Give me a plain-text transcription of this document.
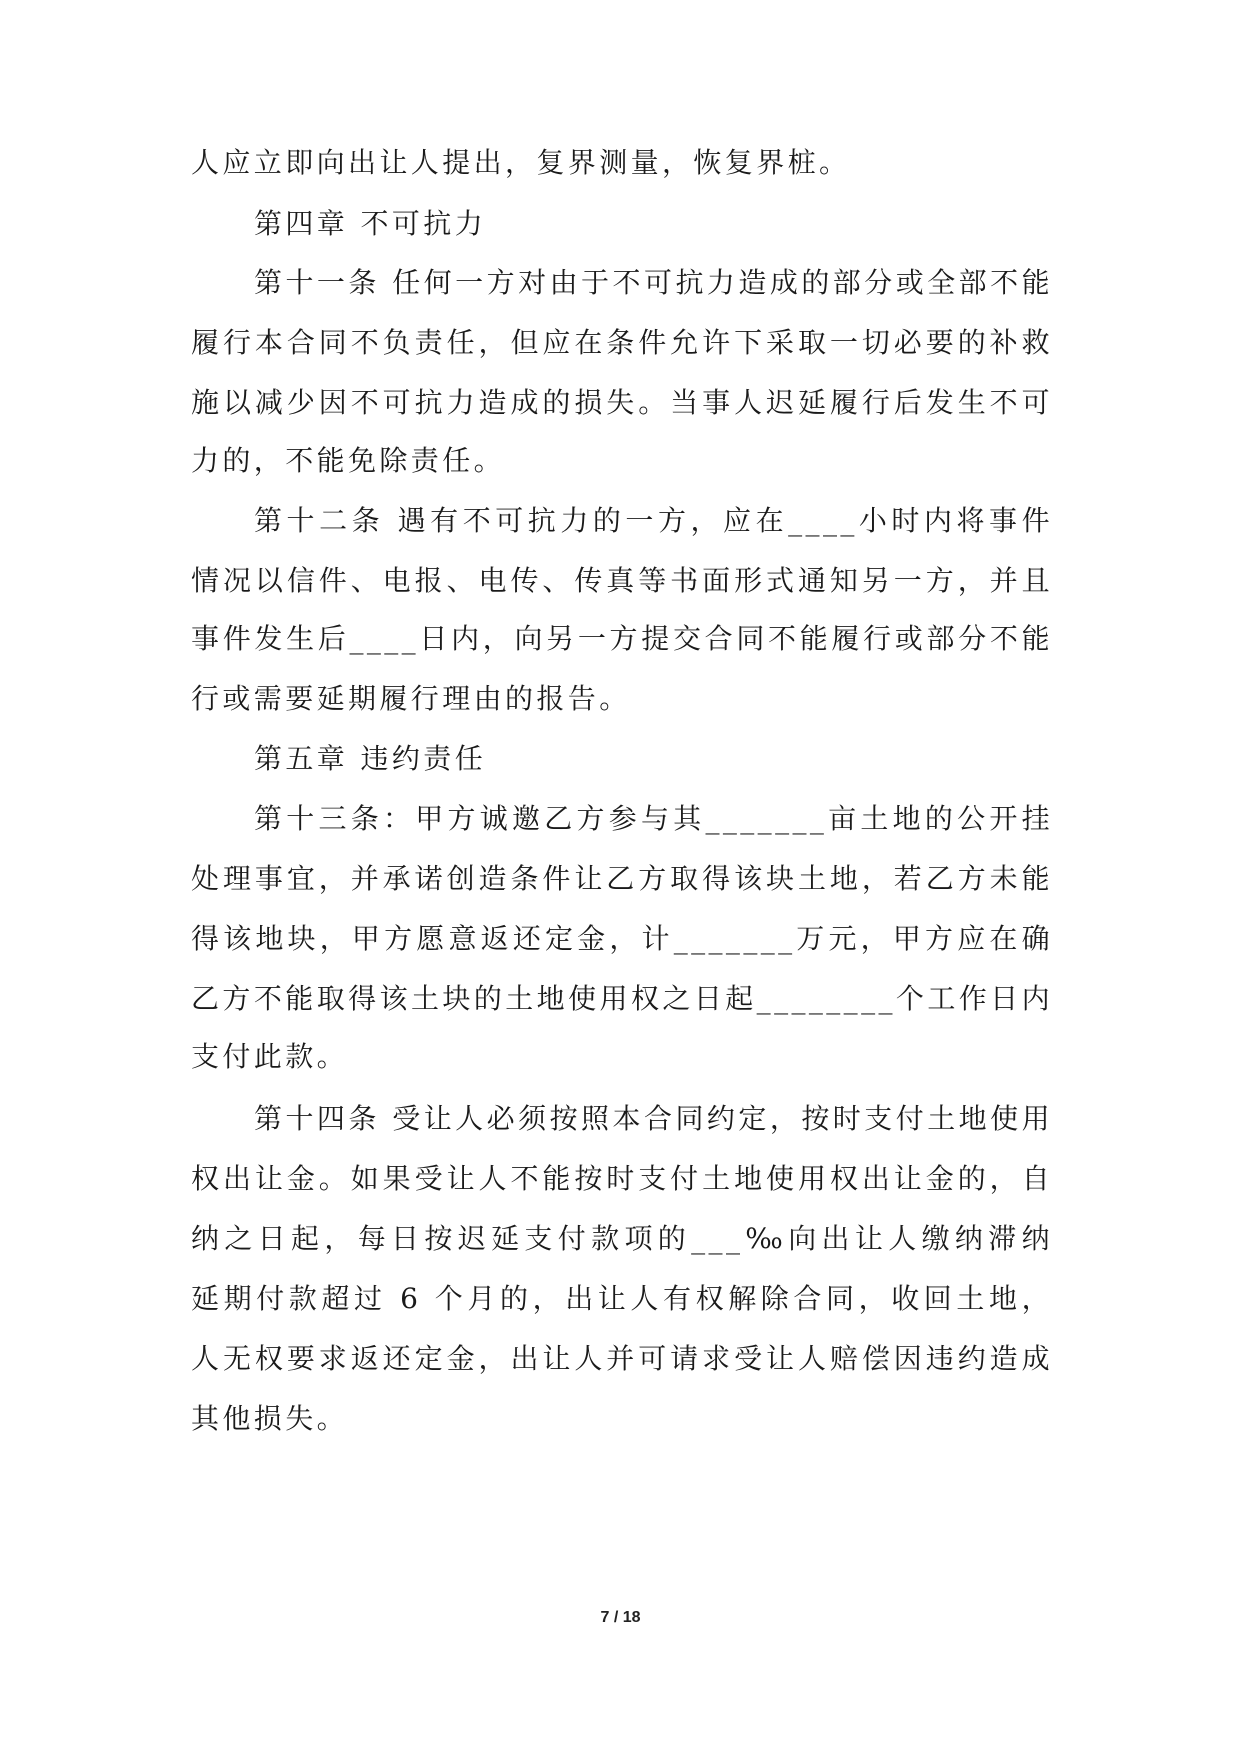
人应立即向出让人提出，复界测量，恢复界桩。
第四章 不可抗力
第十一条 任何一方对由于不可抗力造成的部分或全部不能
履行本合同不负责任，但应在条件允许下采取一切必要的补救
施以减少因不可抗力造成的损失。当事人迟延履行后发生不可
力的，不能免除责任。
第十二条 遇有不可抗力的一方，应在____小时内将事件
情况以信件、电报、电传、传真等书面形式通知另一方，并且
事件发生后____日内，向另一方提交合同不能履行或部分不能
行或需要延期履行理由的报告。
第五章 违约责任
第十三条：甲方诚邀乙方参与其_______亩土地的公开挂
处理事宜，并承诺创造条件让乙方取得该块土地，若乙方未能
得该地块，甲方愿意返还定金，计_______万元，甲方应在确
乙方不能取得该土块的土地使用权之日起________个工作日内
支付此款。
第十四条 受让人必须按照本合同约定，按时支付土地使用
权出让金。如果受让人不能按时支付土地使用权出让金的，自
纳之日起，每日按迟延支付款项的___‰向出让人缴纳滞纳
延期付款超过 6 个月的，出让人有权解除合同，收回土地，
人无权要求返还定金，出让人并可请求受让人赔偿因违约造成
其他损失。
7 / 18
